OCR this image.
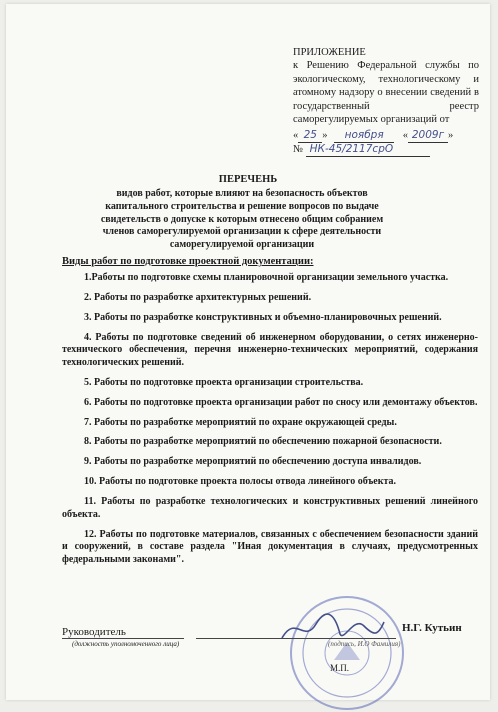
ПРИЛОЖЕНИЕ
к Решению Федеральной службы по экологическому, технологическому и атомному надзору о внесении сведений в государственный реестр саморегулируемых организаций от
« 25 » ноября « 2009г »
№ НК-45/2117срО
ПЕРЕЧЕНЬ
видов работ, которые влияют на безопасность объектов капитального строительства и решение вопросов по выдаче свидетельств о допуске к которым отнесено общим собранием членов саморегулируемой организации к сфере деятельности саморегулируемой организации
Виды работ по подготовке проектной документации:

1.Работы по подготовке схемы планировочной организации земельного участка.

2. Работы по разработке архитектурных решений.

3. Работы по разработке конструктивных и объемно-планировочных решений.

4. Работы по подготовке сведений об инженерном оборудовании, о сетях инженерно-технического обеспечения, перечня инженерно-технических мероприятий, содержания технологических решений.

5. Работы по подготовке проекта организации строительства.

6. Работы по подготовке проекта организации работ по сносу или демонтажу объектов.

7. Работы по разработке мероприятий по охране окружающей среды.

8. Работы по разработке мероприятий по обеспечению пожарной безопасности.

9. Работы по разработке мероприятий по обеспечению доступа инвалидов.

10. Работы по подготовке проекта полосы отвода линейного объекта.

11. Работы по разработке технологических и конструктивных решений линейного объекта.

12. Работы по подготовке материалов, связанных с обеспечением безопасности зданий и сооружений, в составе раздела "Иная документация в случаях, предусмотренных федеральными законами".

Руководитель
(должность уполномоченного лица)
Н.Г. Кутьин
(подпись, И.О Фамилия)
М.П.
